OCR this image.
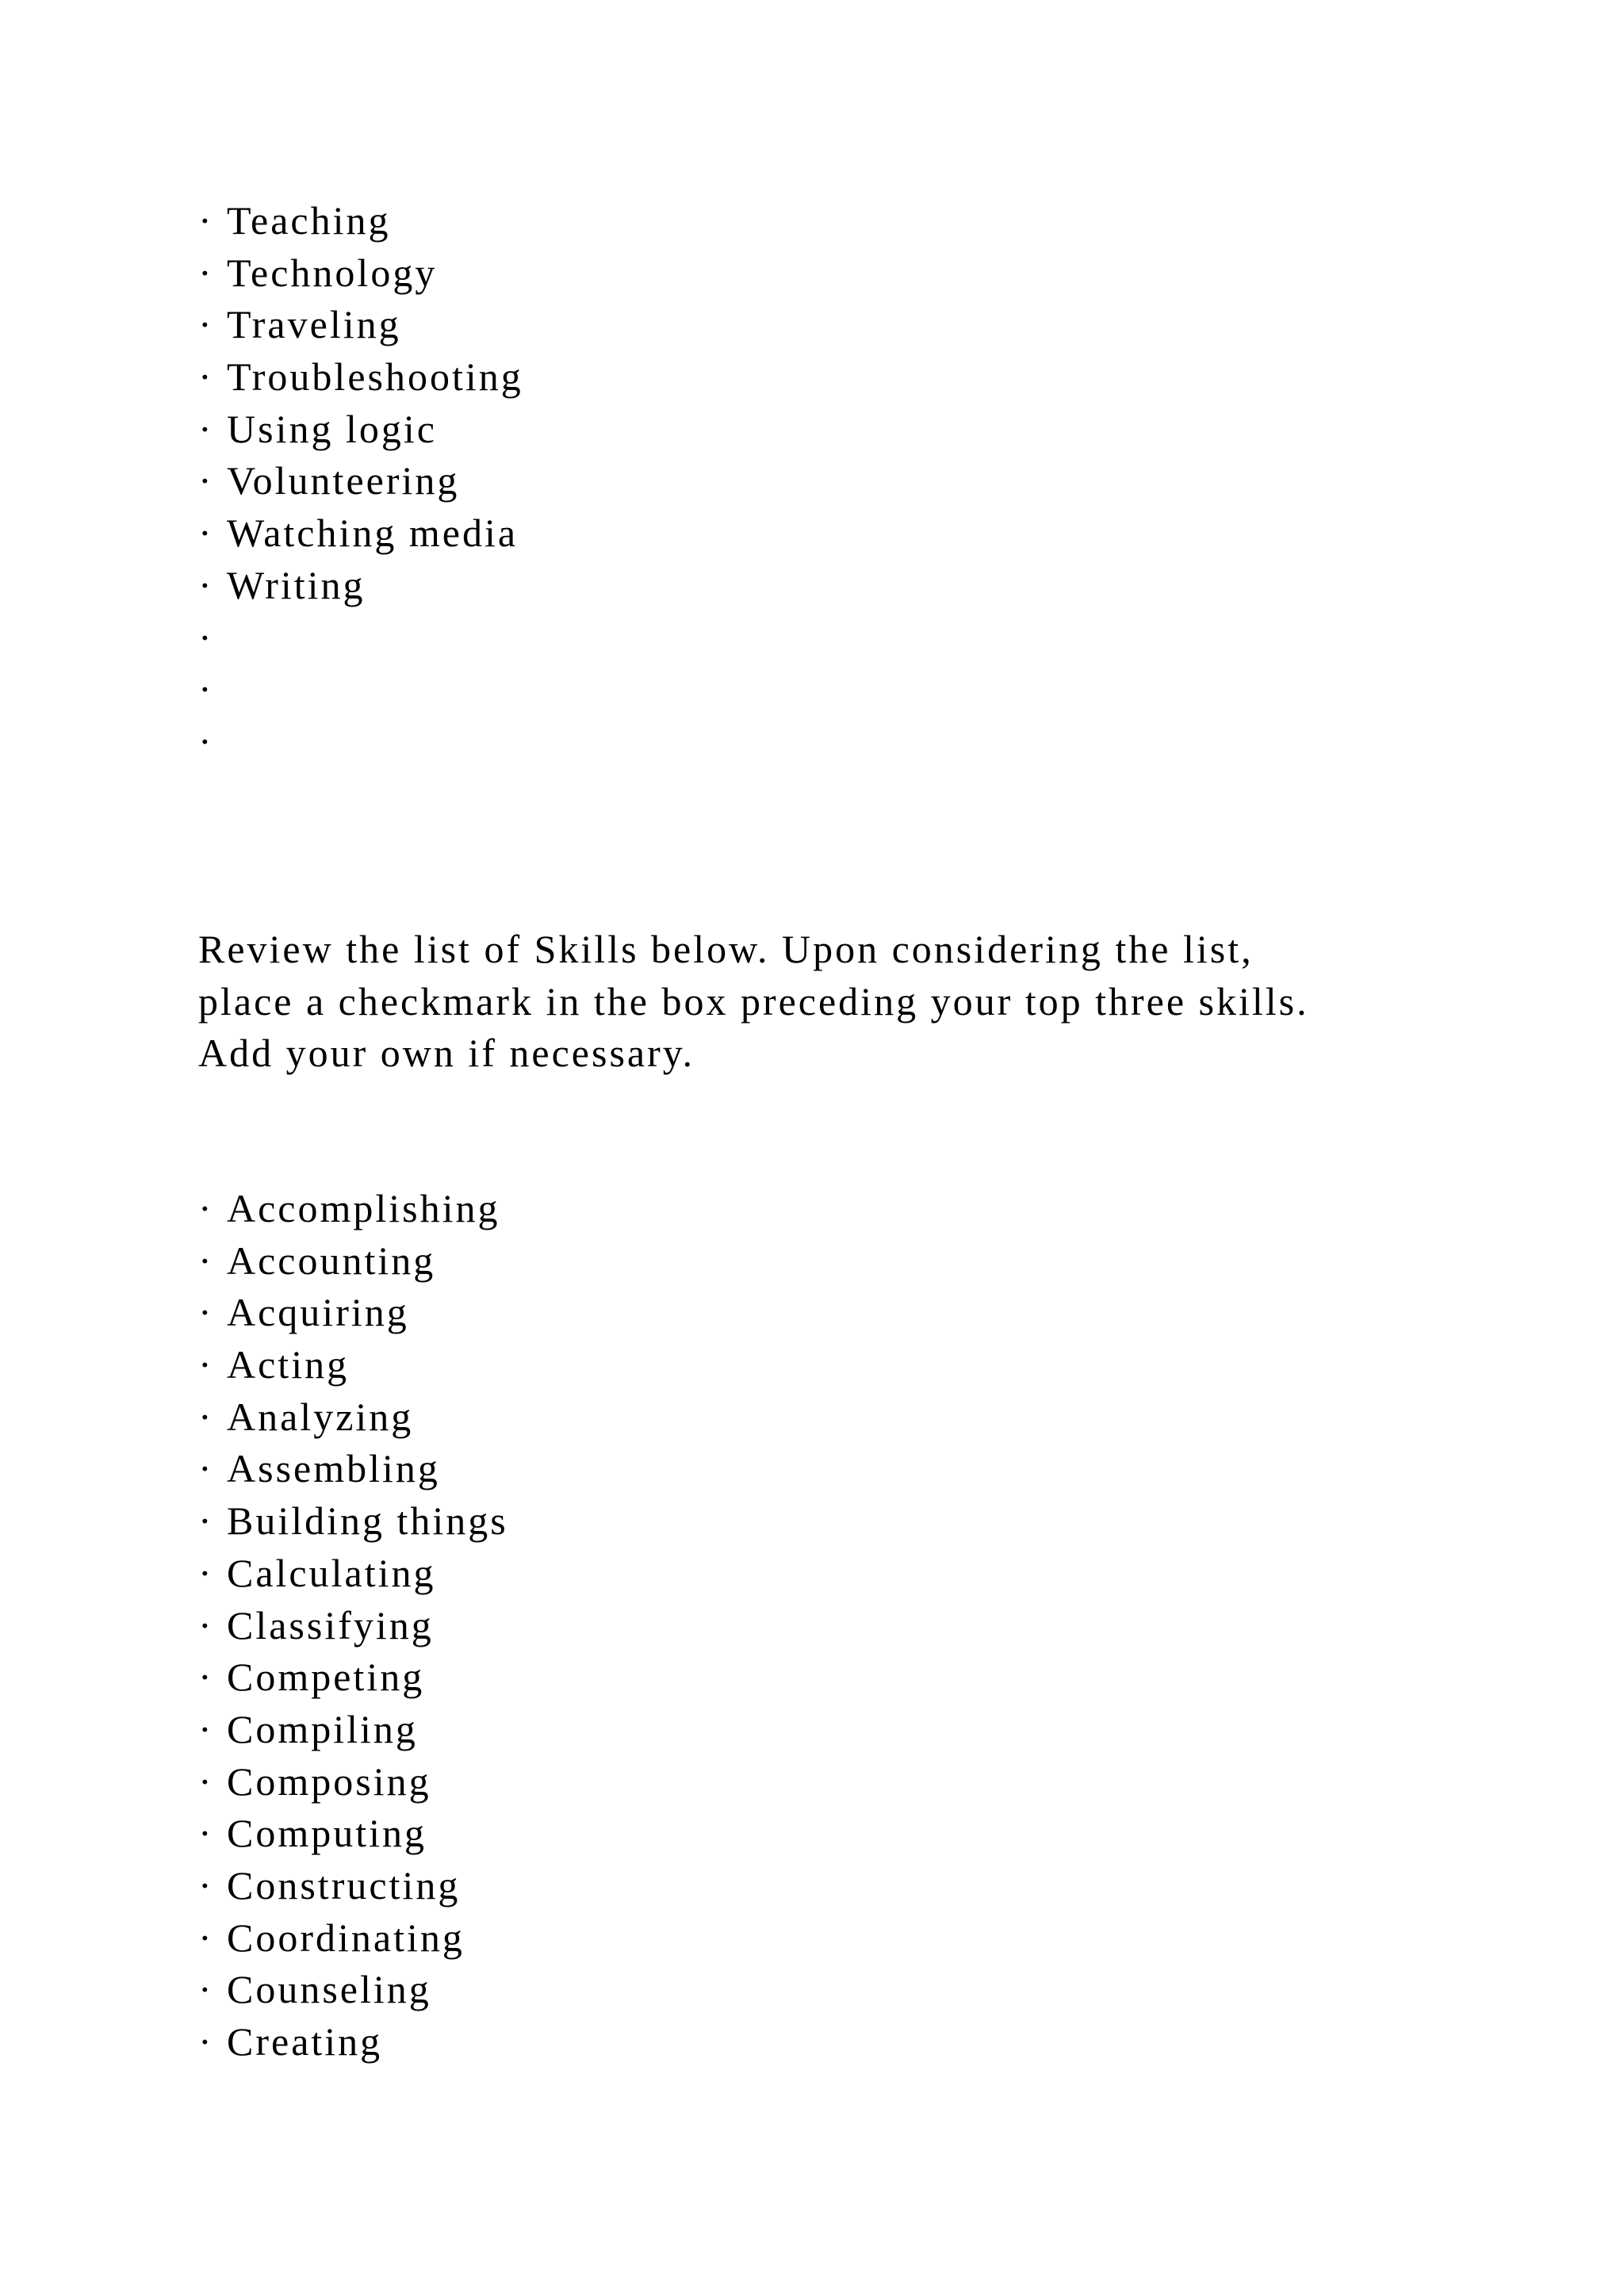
· Teaching
· Technology
· Traveling
· Troubleshooting
· Using logic
· Volunteering
· Watching media
· Writing
·
·
·

Review the list of Skills below. Upon considering the list,
place a checkmark in the box preceding your top three skills.
Add your own if necessary.

· Accomplishing
· Accounting
· Acquiring
· Acting
· Analyzing
· Assembling
· Building things
· Calculating
· Classifying
· Competing
· Compiling
· Composing
· Computing
· Constructing
· Coordinating
· Counseling
· Creating
